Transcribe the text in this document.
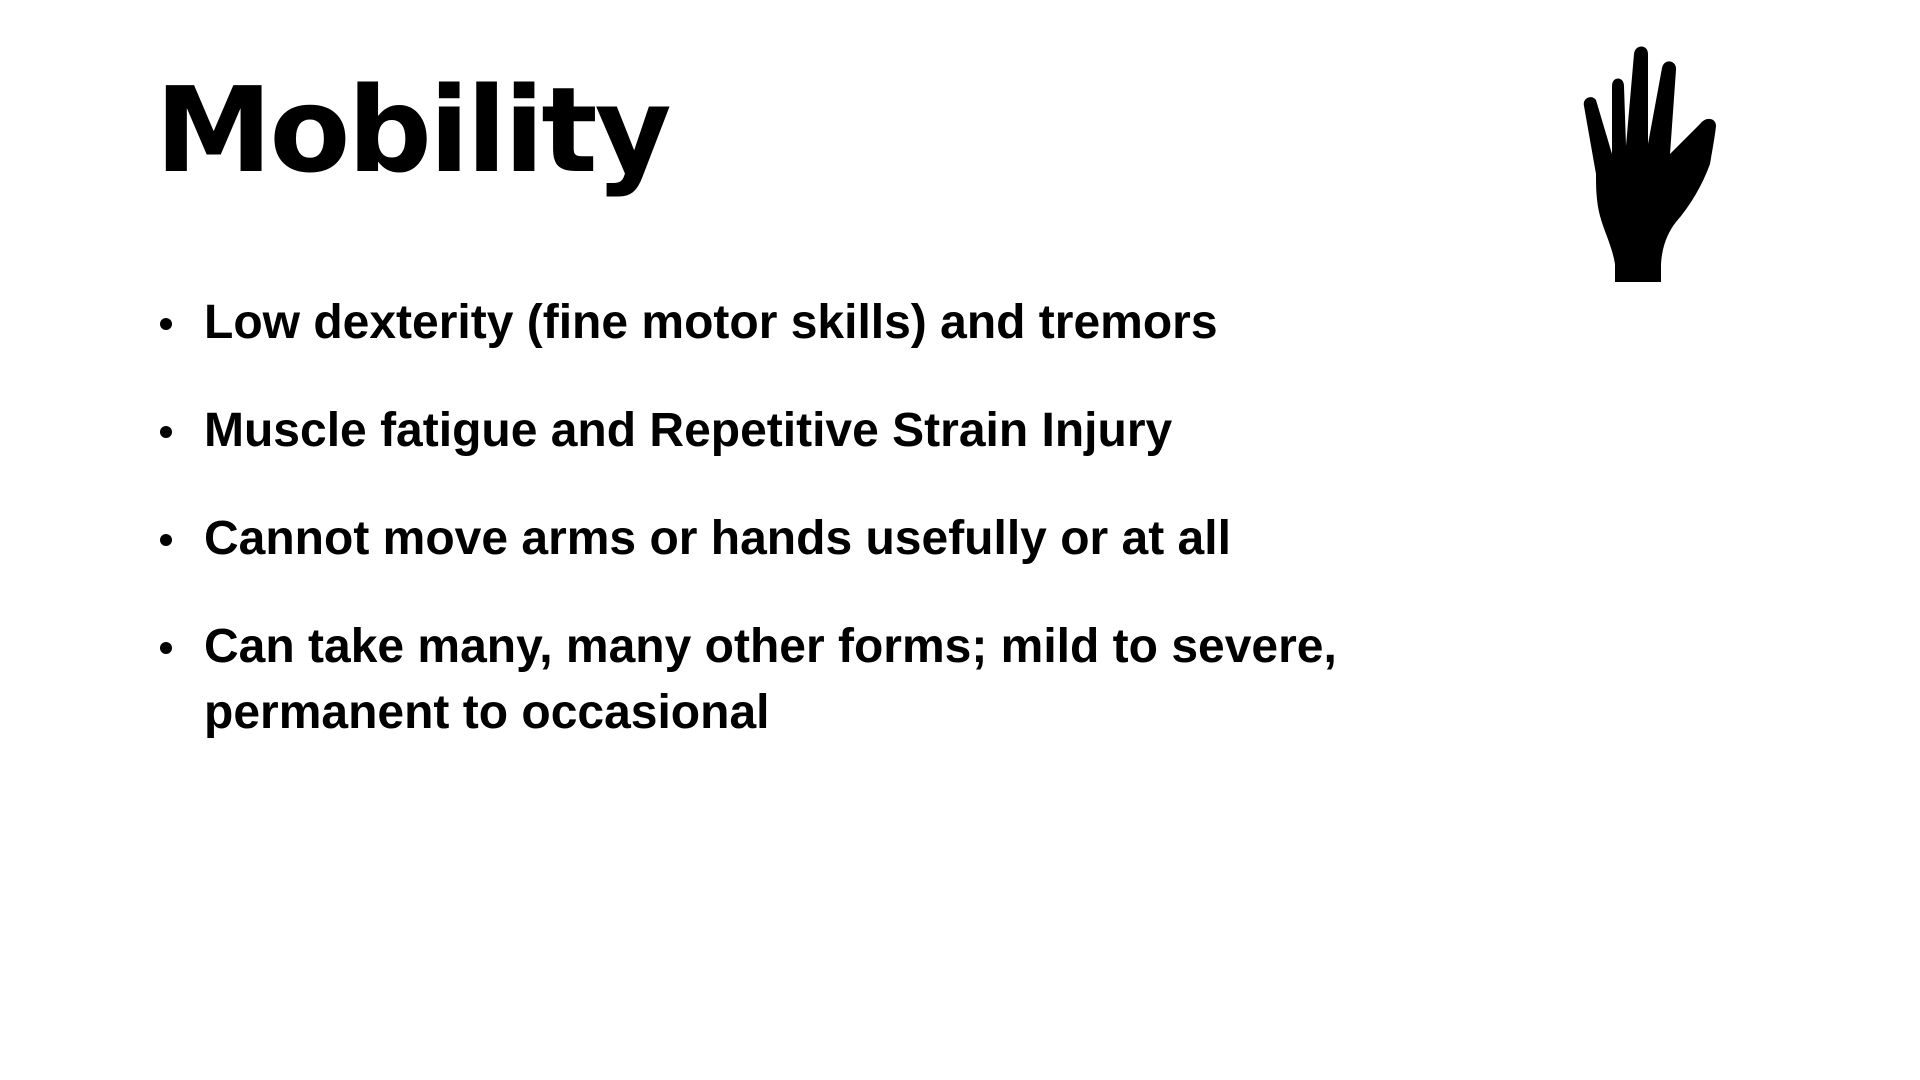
Mobility
Low dexterity (fine motor skills) and tremors
Muscle fatigue and Repetitive Strain Injury
Cannot move arms or hands usefully or at all
Can take many, many other forms; mild to severe, permanent to occasional
